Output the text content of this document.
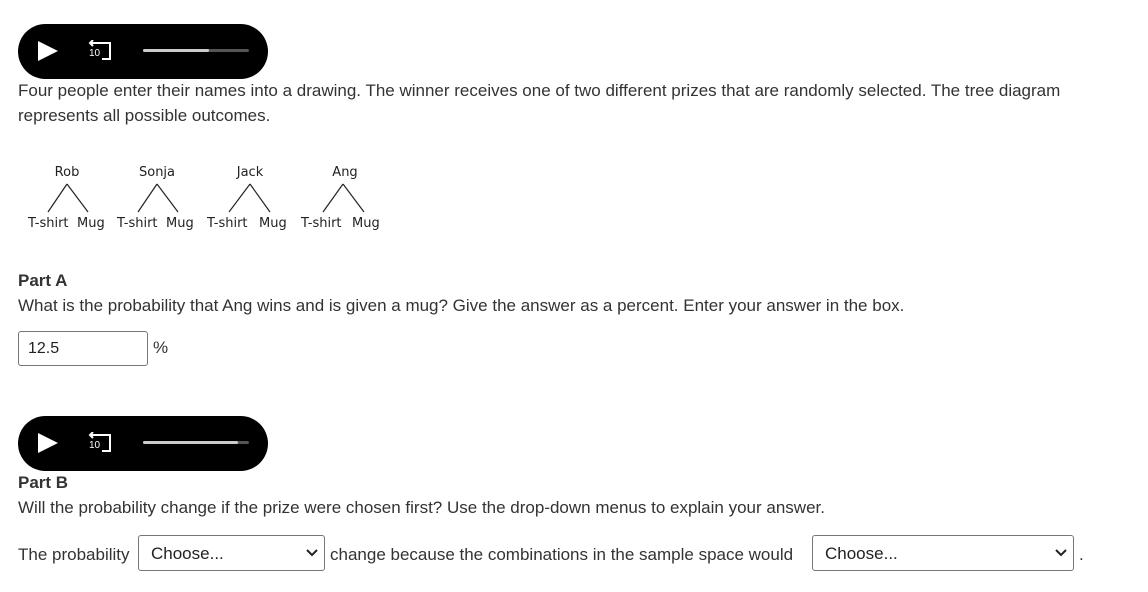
10
Four people enter their names into a drawing. The winner receives one of two different prizes that are randomly selected. The tree diagram represents all possible outcomes.
Rob	Sonja	Jack	Ang
T-shirt Mug T-shirt Mug T-shirt Mug T-shirt Mug
Part A
What is the probability that Ang wins and is given a mug? Give the answer as a percent. Enter your answer in the box.
12.5
%
10
Part B
Will the probability change if the prize were chosen first? Use the drop-down menus to explain your answer.
The probability Choose...	change because the combinations in the sample space would Choose...	.
